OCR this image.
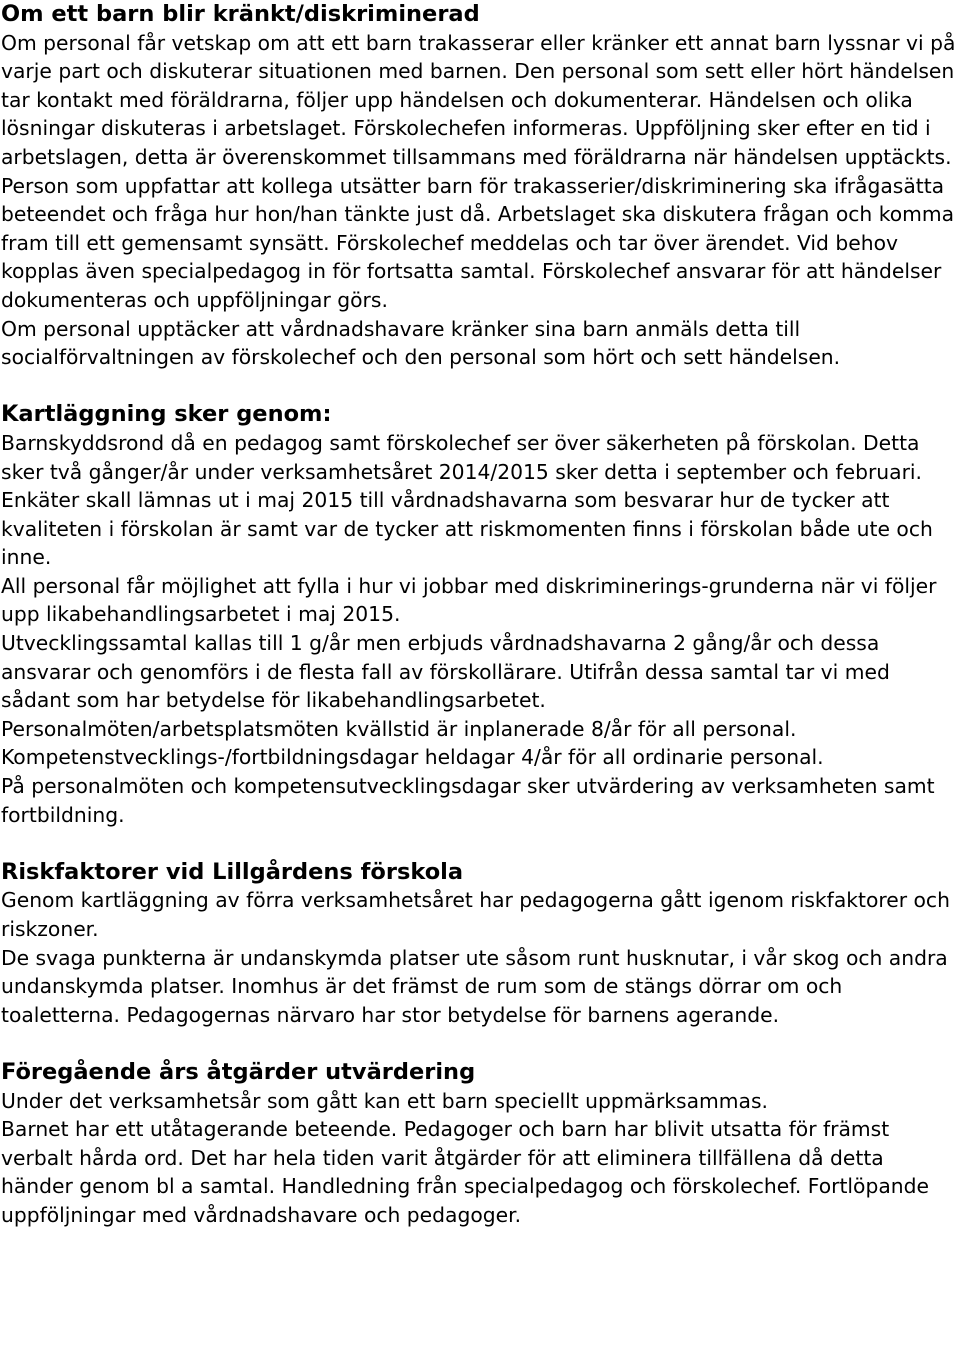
Om ett barn blir kränkt/diskriminerad

Om personal får vetskap om att ett barn trakasserar eller kränker ett annat barn lyssnar vi på varje part och diskuterar situationen med barnen. Den personal som sett eller hört händelsen tar kontakt med föräldrarna, följer upp händelsen och dokumenterar. Händelsen och olika lösningar diskuteras i arbetslaget. Förskolechefen informeras. Uppföljning sker efter en tid i arbetslagen, detta är överenskommet tillsammans med föräldrarna när händelsen upptäckts.

Person som uppfattar att kollega utsätter barn för trakasserier/diskriminering ska ifrågasätta beteendet och fråga hur hon/han tänkte just då. Arbetslaget ska diskutera frågan och komma fram till ett gemensamt synsätt. Förskolechef meddelas och tar över ärendet. Vid behov kopplas även specialpedagog in för fortsatta samtal. Förskolechef ansvarar för att händelser dokumenteras och uppföljningar görs.

Om personal upptäcker att vårdnadshavare kränker sina barn anmäls detta till socialförvaltningen av förskolechef och den personal som hört och sett händelsen.

Kartläggning sker genom:

Barnskyddsrond då en pedagog samt förskolechef ser över säkerheten på förskolan. Detta sker två gånger/år under verksamhetsåret 2014/2015 sker detta i september och februari.

Enkäter skall lämnas ut i maj 2015 till vårdnadshavarna som besvarar hur de tycker att kvaliteten i förskolan är samt var de tycker att riskmomenten finns i förskolan både ute och inne.

All personal får möjlighet att fylla i hur vi jobbar med diskriminerings-grunderna när vi följer upp likabehandlingsarbetet i maj 2015.

Utvecklingssamtal kallas till 1 g/år men erbjuds vårdnadshavarna 2 gång/år och dessa ansvarar och genomförs i de flesta fall av förskollärare. Utifrån dessa samtal tar vi med sådant som har betydelse för likabehandlingsarbetet.

Personalmöten/arbetsplatsmöten kvällstid är inplanerade 8/år för all personal.

Kompetenstvecklings-/fortbildningsdagar heldagar 4/år för all ordinarie personal.

På personalmöten och kompetensutvecklingsdagar sker utvärdering av verksamheten samt fortbildning.

Riskfaktorer vid Lillgårdens förskola

Genom kartläggning av förra verksamhetsåret har pedagogerna gått igenom riskfaktorer och riskzoner.

De svaga punkterna är undanskymda platser ute såsom runt husknutar, i vår skog och andra undanskymda platser. Inomhus är det främst de rum som de stängs dörrar om och toaletterna. Pedagogernas närvaro har stor betydelse för barnens agerande.

Föregående års åtgärder utvärdering

Under det verksamhetsår som gått kan ett barn speciellt uppmärksammas.

Barnet har ett utåtagerande beteende. Pedagoger och barn har blivit utsatta för främst verbalt hårda ord. Det har hela tiden varit åtgärder för att eliminera tillfällena då detta händer genom bl a samtal. Handledning från specialpedagog och förskolechef. Fortlöpande uppföljningar med vårdnadshavare och pedagoger.
